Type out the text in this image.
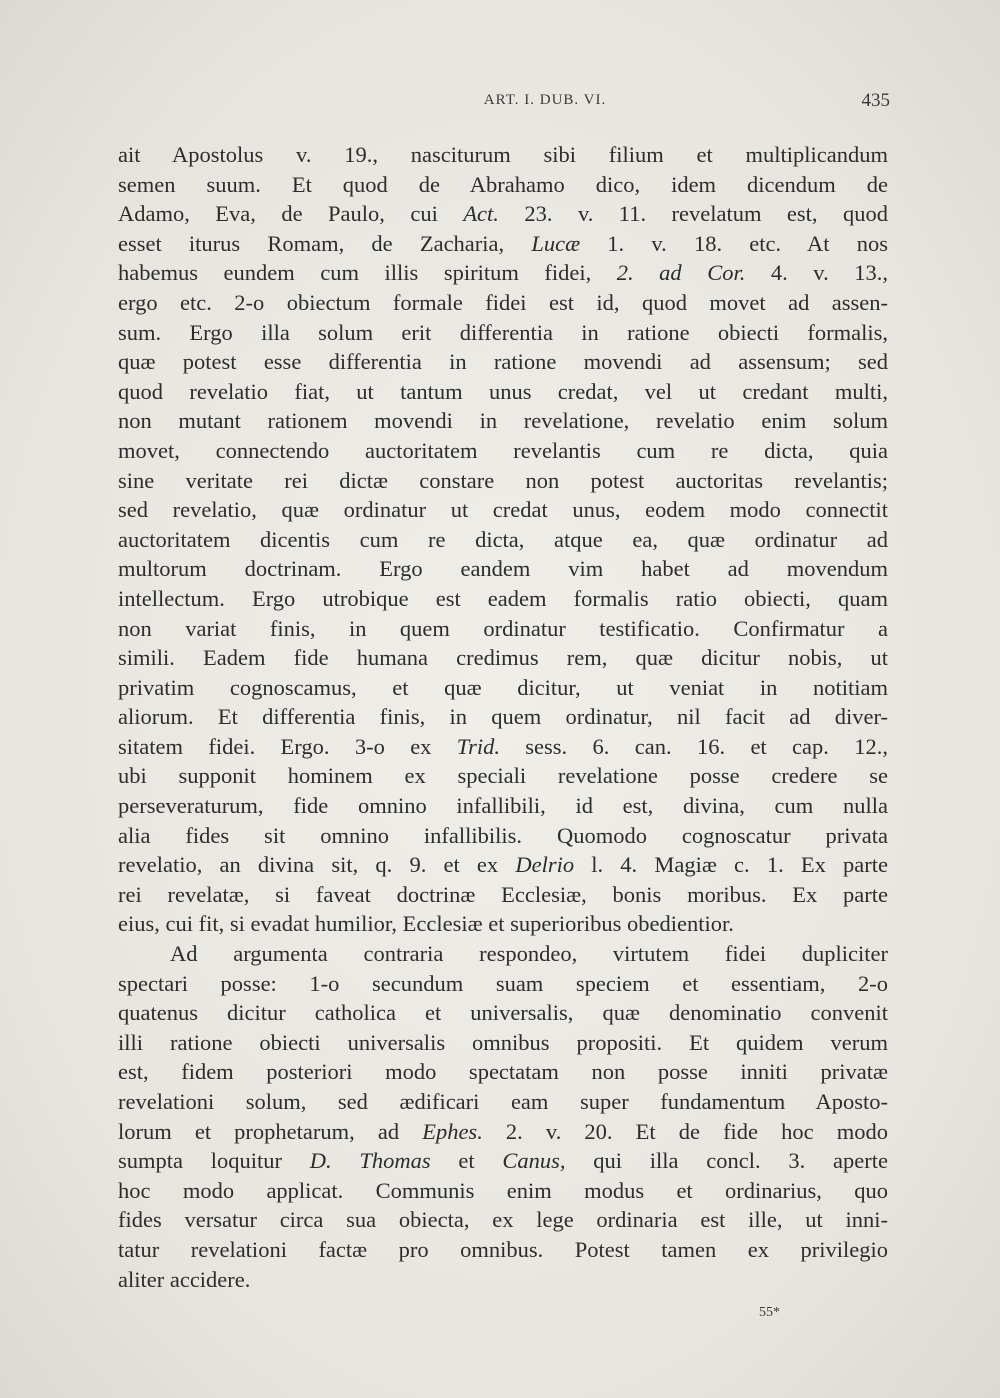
ART. I. DUB. VI.	435

ait Apostolus v. 19., nasciturum sibi filium et multiplicandum
semen suum. Et quod de Abrahamo dico, idem dicendum de
Adamo, Eva, de Paulo, cui Act. 23. v. 11. revelatum est, quod
esset iturus Romam, de Zacharia, Lucæ 1. v. 18. etc. At nos
habemus eundem cum illis spiritum fidei, 2. ad Cor. 4. v. 13.,
ergo etc. 2-o obiectum formale fidei est id, quod movet ad assen-
sum. Ergo illa solum erit differentia in ratione obiecti formalis,
quæ potest esse differentia in ratione movendi ad assensum; sed
quod revelatio fiat, ut tantum unus credat, vel ut credant multi,
non mutant rationem movendi in revelatione, revelatio enim solum
movet, connectendo auctoritatem revelantis cum re dicta, quia
sine veritate rei dictæ constare non potest auctoritas revelantis;
sed revelatio, quæ ordinatur ut credat unus, eodem modo connectit
auctoritatem dicentis cum re dicta, atque ea, quæ ordinatur ad
multorum doctrinam. Ergo eandem vim habet ad movendum
intellectum. Ergo utrobique est eadem formalis ratio obiecti, quam
non variat finis, in quem ordinatur testificatio. Confirmatur a
simili. Eadem fide humana credimus rem, quæ dicitur nobis, ut
privatim cognoscamus, et quæ dicitur, ut veniat in notitiam
aliorum. Et differentia finis, in quem ordinatur, nil facit ad diver-
sitatem fidei. Ergo. 3-o ex Trid. sess. 6. can. 16. et cap. 12.,
ubi supponit hominem ex speciali revelatione posse credere se
perseveraturum, fide omnino infallibili, id est, divina, cum nulla
alia fides sit omnino infallibilis. Quomodo cognoscatur privata
revelatio, an divina sit, q. 9. et ex Delrio l. 4. Magiæ c. 1. Ex parte
rei revelatæ, si faveat doctrinæ Ecclesiæ, bonis moribus. Ex parte
eius, cui fit, si evadat humilior, Ecclesiæ et superioribus obedientior.

Ad argumenta contraria respondeo, virtutem fidei dupliciter
spectari posse: 1-o secundum suam speciem et essentiam, 2-o
quatenus dicitur catholica et universalis, quæ denominatio convenit
illi ratione obiecti universalis omnibus propositi. Et quidem verum
est, fidem posteriori modo spectatam non posse inniti privatæ
revelationi solum, sed ædificari eam super fundamentum Aposto-
lorum et prophetarum, ad Ephes. 2. v. 20. Et de fide hoc modo
sumpta loquitur D. Thomas et Canus, qui illa concl. 3. aperte
hoc modo applicat. Communis enim modus et ordinarius, quo
fides versatur circa sua obiecta, ex lege ordinaria est ille, ut inni-
tatur revelationi factæ pro omnibus. Potest tamen ex privilegio
aliter accidere.

55*
